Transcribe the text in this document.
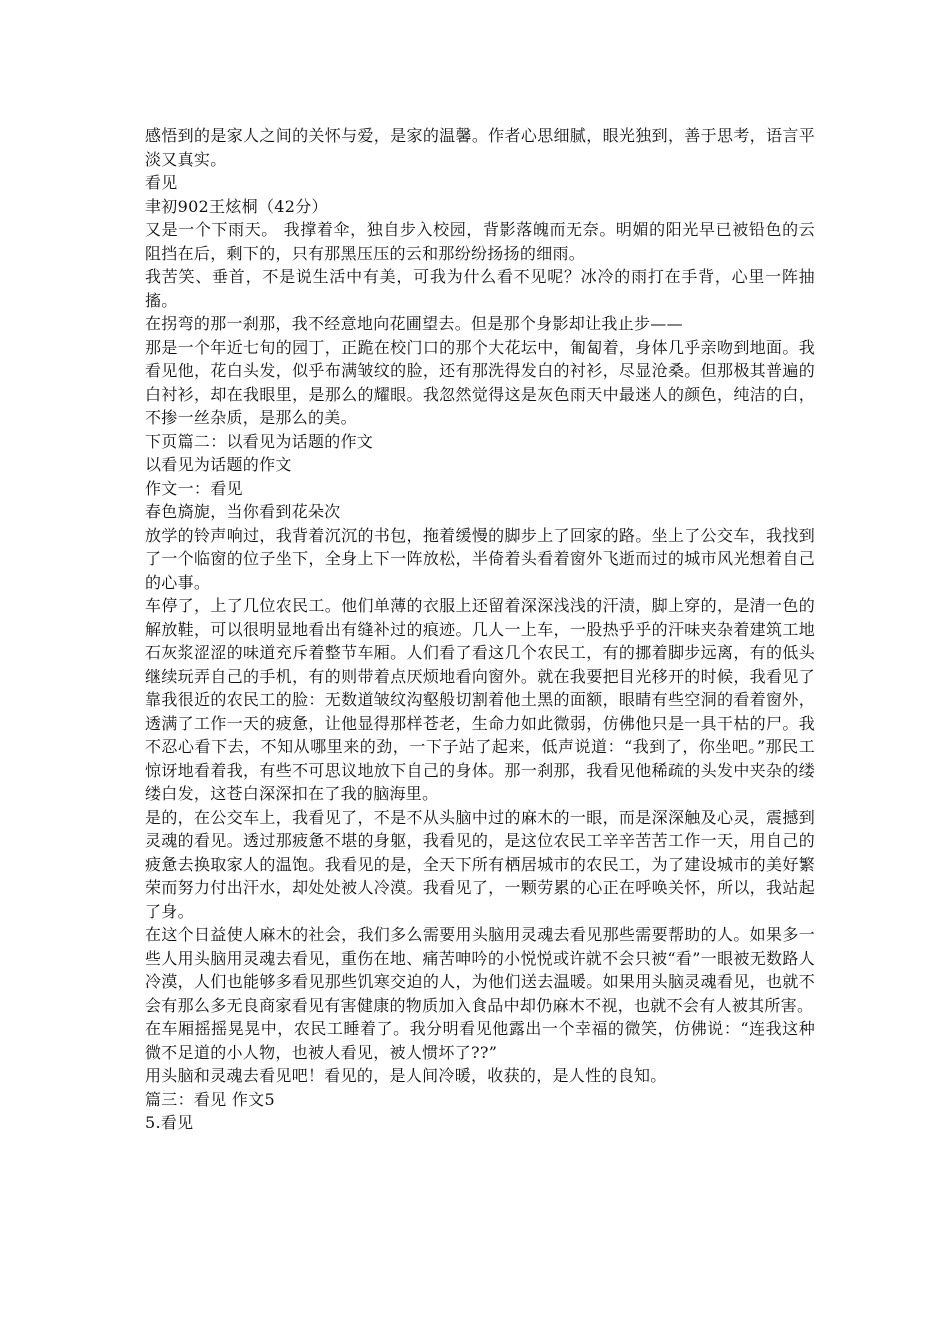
感悟到的是家人之间的关怀与爱，是家的温馨。作者心思细腻，眼光独到，善于思考，语言平淡又真实。

看见

聿初902王炫桐（42分）

又是一个下雨天。 我撑着伞，独自步入校园，背影落魄而无奈。明媚的阳光早已被铅色的云阻挡在后，剩下的，只有那黑压压的云和那纷纷扬扬的细雨。

我苦笑、垂首，不是说生活中有美，可我为什么看不见呢？冰冷的雨打在手背，心里一阵抽搐。

在拐弯的那一刹那，我不经意地向花圃望去。但是那个身影却让我止步——

那是一个年近七旬的园丁，正跪在校门口的那个大花坛中，匍匐着，身体几乎亲吻到地面。我看见他，花白头发，似乎布满皱纹的脸，还有那洗得发白的衬衫，尽显沧桑。但那极其普遍的白衬衫，却在我眼里，是那么的耀眼。我忽然觉得这是灰色雨天中最迷人的颜色，纯洁的白，不掺一丝杂质，是那么的美。

下页篇二：以看见为话题的作文

以看见为话题的作文

作文一：看见

春色旖旎，当你看到花朵次

放学的铃声响过，我背着沉沉的书包，拖着缓慢的脚步上了回家的路。坐上了公交车，我找到了一个临窗的位子坐下，全身上下一阵放松，半倚着头看着窗外飞逝而过的城市风光想着自己的心事。

车停了，上了几位农民工。他们单薄的衣服上还留着深深浅浅的汗渍，脚上穿的，是清一色的解放鞋，可以很明显地看出有缝补过的痕迹。几人一上车，一股热乎乎的汗味夹杂着建筑工地石灰浆涩涩的味道充斥着整节车厢。人们看了看这几个农民工，有的挪着脚步远离，有的低头继续玩弄自己的手机，有的则带着点厌烦地看向窗外。就在我要把目光移开的时候，我看见了靠我很近的农民工的脸：无数道皱纹沟壑般切割着他土黑的面额，眼睛有些空洞的看着窗外，透满了工作一天的疲惫，让他显得那样苍老，生命力如此微弱，仿佛他只是一具干枯的尸。我不忍心看下去，不知从哪里来的劲，一下子站了起来，低声说道：“我到了，你坐吧。”那民工惊讶地看着我，有些不可思议地放下自己的身体。那一刹那，我看见他稀疏的头发中夹杂的缕缕白发，这苍白深深扣在了我的脑海里。

是的，在公交车上，我看见了，不是不从头脑中过的麻木的一眼，而是深深触及心灵，震撼到灵魂的看见。透过那疲惫不堪的身躯，我看见的，是这位农民工辛辛苦苦工作一天，用自己的疲惫去换取家人的温饱。我看见的是，全天下所有栖居城市的农民工，为了建设城市的美好繁荣而努力付出汗水，却处处被人冷漠。我看见了，一颗劳累的心正在呼唤关怀，所以，我站起了身。

在这个日益使人麻木的社会，我们多么需要用头脑用灵魂去看见那些需要帮助的人。如果多一些人用头脑用灵魂去看见，重伤在地、痛苦呻吟的小悦悦或许就不会只被“看”一眼被无数路人冷漠，人们也能够多看见那些饥寒交迫的人，为他们送去温暖。如果用头脑灵魂看见，也就不会有那么多无良商家看见有害健康的物质加入食品中却仍麻木不视，也就不会有人被其所害。

在车厢摇摇晃晃中，农民工睡着了。我分明看见他露出一个幸福的微笑，仿佛说：“连我这种微不足道的小人物，也被人看见，被人惯坏了??”

用头脑和灵魂去看见吧！看见的，是人间冷暖，收获的，是人性的良知。

篇三：看见 作文5

5.看见
